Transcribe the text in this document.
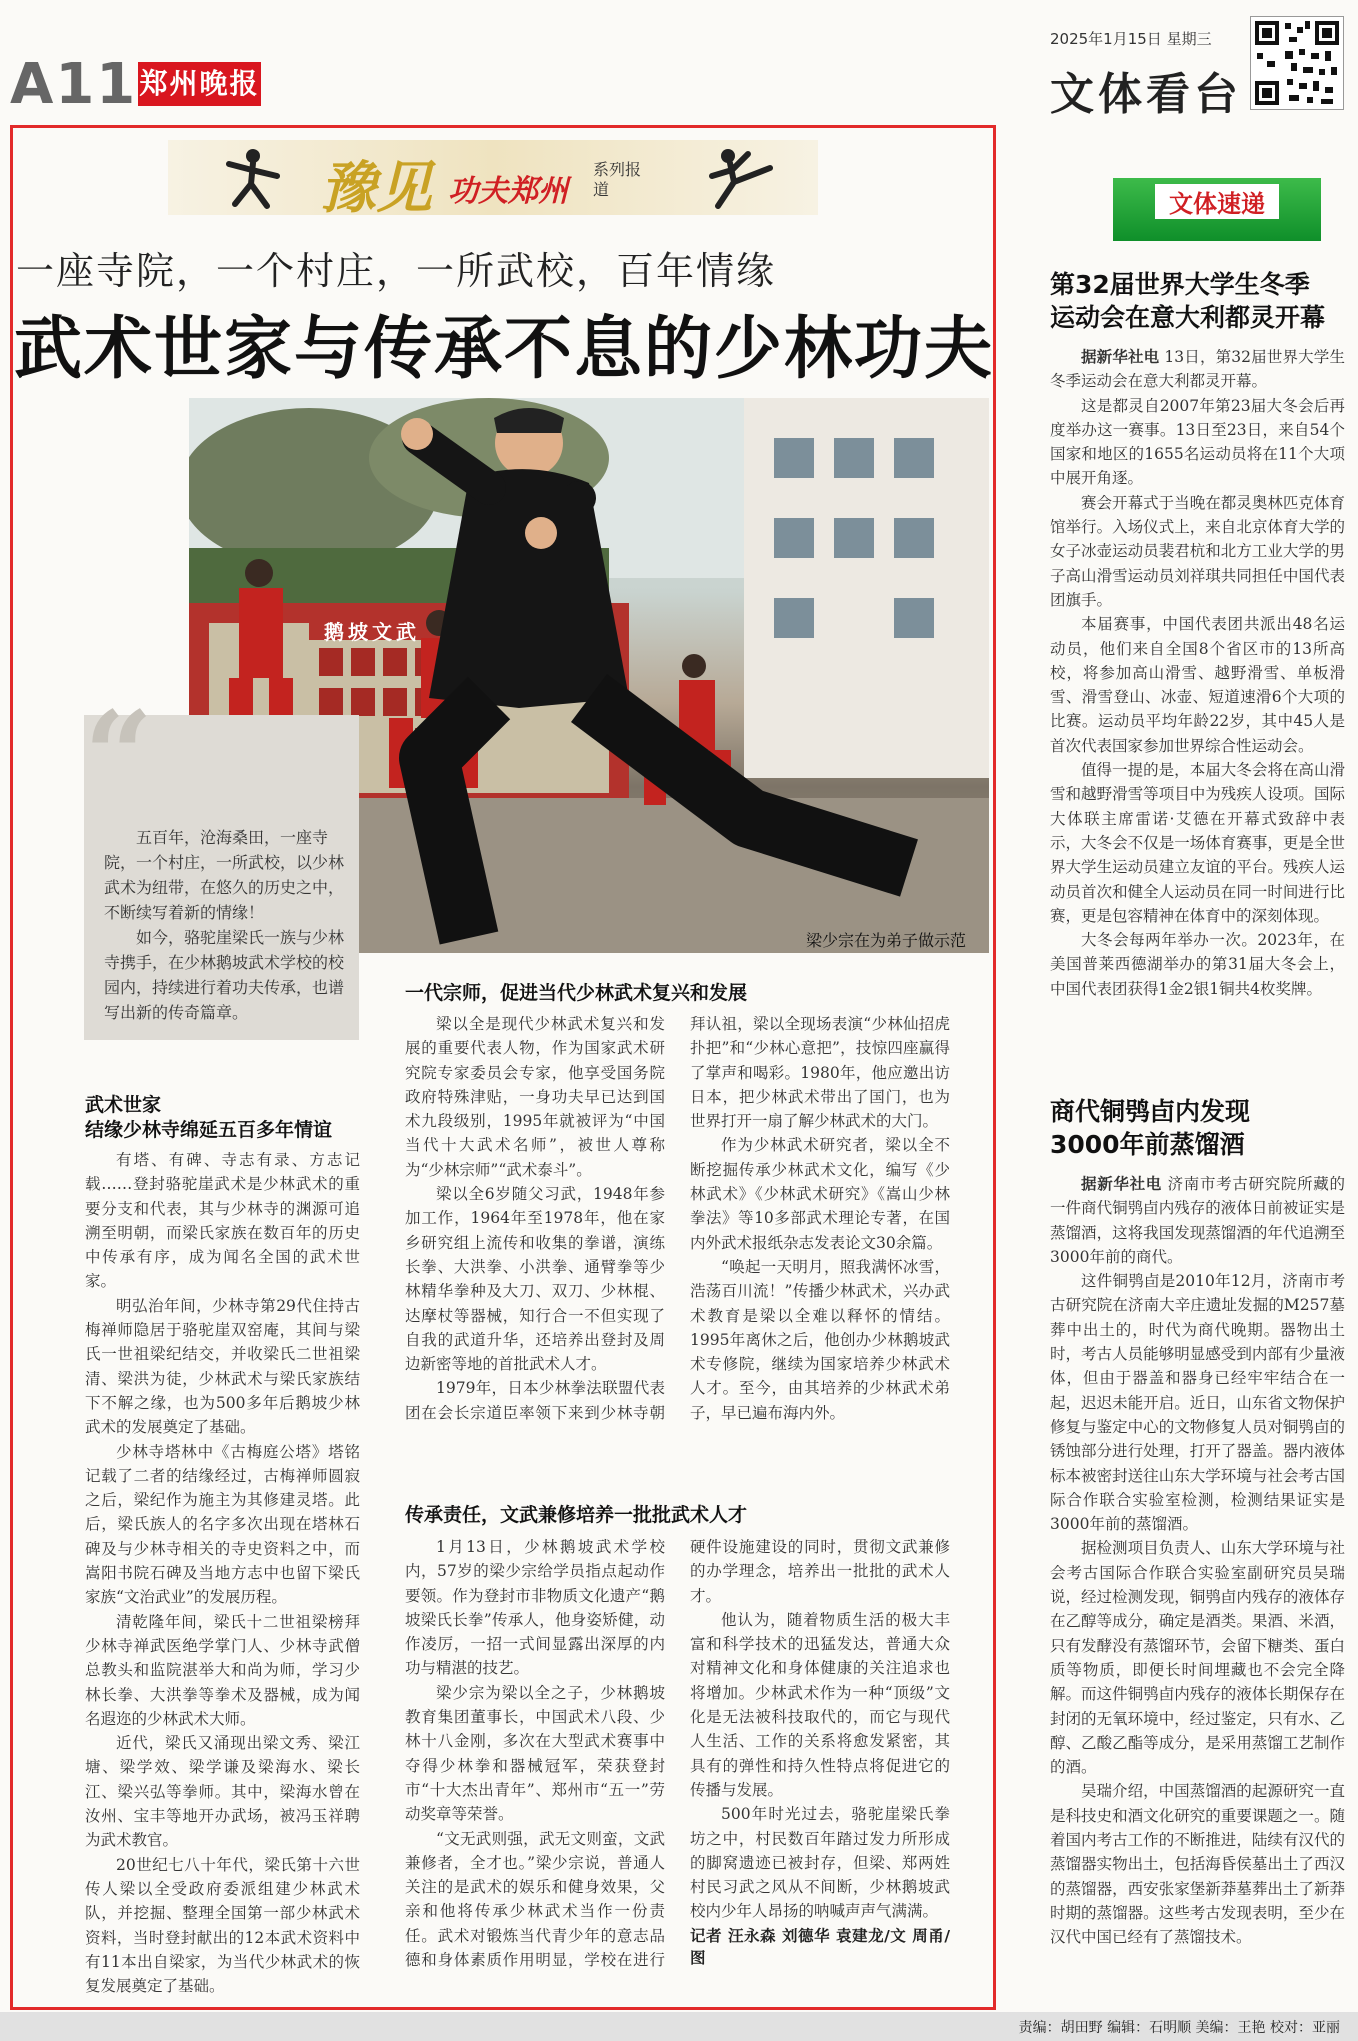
A11 郑州晚报
2025年1月15日 星期三
文体看台
豫见 功夫郑州
系列报道
一座寺院，一个村庄，一所武校，百年情缘
武术世家与传承不息的少林功夫
鹅坡文武
梁少宗在为弟子做示范
“

五百年，沧海桑田，一座寺院，一个村庄，一所武校，以少林武术为纽带，在悠久的历史之中，不断续写着新的情缘！

如今，骆驼崖梁氏一族与少林寺携手，在少林鹅坡武术学校的校园内，持续进行着功夫传承，也谱写出新的传奇篇章。

武术世家
结缘少林寺绵延五百多年情谊

有塔、有碑、寺志有录、方志记载……登封骆驼崖武术是少林武术的重要分支和代表，其与少林寺的渊源可追溯至明朝，而梁氏家族在数百年的历史中传承有序，成为闻名全国的武术世家。

明弘治年间，少林寺第29代住持古梅禅师隐居于骆驼崖双窑庵，其间与梁氏一世祖梁纪结交，并收梁氏二世祖梁清、梁洪为徒，少林武术与梁氏家族结下不解之缘，也为500多年后鹅坡少林武术的发展奠定了基础。

少林寺塔林中《古梅庭公塔》塔铭记载了二者的结缘经过，古梅禅师圆寂之后，梁纪作为施主为其修建灵塔。此后，梁氏族人的名字多次出现在塔林石碑及与少林寺相关的寺史资料之中，而嵩阳书院石碑及当地方志中也留下梁氏家族“文治武业”的发展历程。

清乾隆年间，梁氏十二世祖梁榜拜少林寺禅武医绝学掌门人、少林寺武僧总教头和监院湛举大和尚为师，学习少林长拳、大洪拳等拳术及器械，成为闻名遐迩的少林武术大师。

近代，梁氏又涌现出梁文秀、梁江塘、梁学效、梁学谦及梁海水、梁长江、梁兴弘等拳师。其中，梁海水曾在汝州、宝丰等地开办武场，被冯玉祥聘为武术教官。

20世纪七八十年代，梁氏第十六世传人梁以全受政府委派组建少林武术队，并挖掘、整理全国第一部少林武术资料，当时登封献出的12本武术资料中有11本出自梁家，为当代少林武术的恢复发展奠定了基础。

一代宗师，促进当代少林武术复兴和发展

梁以全是现代少林武术复兴和发展的重要代表人物，作为国家武术研究院专家委员会专家，他享受国务院政府特殊津贴，一身功夫早已达到国术九段级别，1995年就被评为“中国当代十大武术名师”，被世人尊称为“少林宗师”“武术泰斗”。

梁以全6岁随父习武，1948年参加工作，1964年至1978年，他在家乡研究组上流传和收集的拳谱，演练长拳、大洪拳、小洪拳、通臂拳等少林精华拳种及大刀、双刀、少林棍、达摩杖等器械，知行合一不但实现了自我的武道升华，还培养出登封及周边新密等地的首批武术人才。

1979年，日本少林拳法联盟代表团在会长宗道臣率领下来到少林寺朝拜认祖，梁以全现场表演“少林仙招虎扑把”和“少林心意把”，技惊四座赢得了掌声和喝彩。1980年，他应邀出访日本，把少林武术带出了国门，也为世界打开一扇了解少林武术的大门。

作为少林武术研究者，梁以全不断挖掘传承少林武术文化，编写《少林武术》《少林武术研究》《嵩山少林拳法》等10多部武术理论专著，在国内外武术报纸杂志发表论文30余篇。

“唤起一天明月，照我满怀冰雪，浩荡百川流！”传播少林武术，兴办武术教育是梁以全难以释怀的情结。1995年离休之后，他创办少林鹅坡武术专修院，继续为国家培养少林武术人才。至今，由其培养的少林武术弟子，早已遍布海内外。

传承责任，文武兼修培养一批批武术人才

1月13日，少林鹅坡武术学校内，57岁的梁少宗给学员指点起动作要领。作为登封市非物质文化遗产“鹅坡梁氏长拳”传承人，他身姿矫健，动作凌厉，一招一式间显露出深厚的内功与精湛的技艺。

梁少宗为梁以全之子，少林鹅坡教育集团董事长，中国武术八段、少林十八金刚，多次在大型武术赛事中夺得少林拳和器械冠军，荣获登封市“十大杰出青年”、郑州市“五一”劳动奖章等荣誉。

“文无武则强，武无文则蛮，文武兼修者，全才也。”梁少宗说，普通人关注的是武术的娱乐和健身效果，父亲和他将传承少林武术当作一份责任。武术对锻炼当代青少年的意志品德和身体素质作用明显，学校在进行硬件设施建设的同时，贯彻文武兼修的办学理念，培养出一批批的武术人才。

他认为，随着物质生活的极大丰富和科学技术的迅猛发达，普通大众对精神文化和身体健康的关注追求也将增加。少林武术作为一种“顶级”文化是无法被科技取代的，而它与现代人生活、工作的关系将愈发紧密，其具有的弹性和持久性特点将促进它的传播与发展。

500年时光过去，骆驼崖梁氏拳坊之中，村民数百年踏过发力所形成的脚窝遗迹已被封存，但梁、郑两姓村民习武之风从不间断，少林鹅坡武校内少年人昂扬的呐喊声声气满满。

记者 汪永森 刘德华 袁建龙/文 周甬/图

文体速递
第32届世界大学生冬季
运动会在意大利都灵开幕

据新华社电 13日，第32届世界大学生冬季运动会在意大利都灵开幕。

这是都灵自2007年第23届大冬会后再度举办这一赛事。13日至23日，来自54个国家和地区的1655名运动员将在11个大项中展开角逐。

赛会开幕式于当晚在都灵奥林匹克体育馆举行。入场仪式上，来自北京体育大学的女子冰壶运动员裴君杭和北方工业大学的男子高山滑雪运动员刘祥琪共同担任中国代表团旗手。

本届赛事，中国代表团共派出48名运动员，他们来自全国8个省区市的13所高校，将参加高山滑雪、越野滑雪、单板滑雪、滑雪登山、冰壶、短道速滑6个大项的比赛。运动员平均年龄22岁，其中45人是首次代表国家参加世界综合性运动会。

值得一提的是，本届大冬会将在高山滑雪和越野滑雪等项目中为残疾人设项。国际大体联主席雷诺·艾德在开幕式致辞中表示，大冬会不仅是一场体育赛事，更是全世界大学生运动员建立友谊的平台。残疾人运动员首次和健全人运动员在同一时间进行比赛，更是包容精神在体育中的深刻体现。

大冬会每两年举办一次。2023年，在美国普莱西德湖举办的第31届大冬会上，中国代表团获得1金2银1铜共4枚奖牌。

商代铜鸮卣内发现
3000年前蒸馏酒

据新华社电 济南市考古研究院所藏的一件商代铜鸮卣内残存的液体日前被证实是蒸馏酒，这将我国发现蒸馏酒的年代追溯至3000年前的商代。

这件铜鸮卣是2010年12月，济南市考古研究院在济南大辛庄遗址发掘的M257墓葬中出土的，时代为商代晚期。器物出土时，考古人员能够明显感受到内部有少量液体，但由于器盖和器身已经牢牢结合在一起，迟迟未能开启。近日，山东省文物保护修复与鉴定中心的文物修复人员对铜鸮卣的锈蚀部分进行处理，打开了器盖。器内液体标本被密封送往山东大学环境与社会考古国际合作联合实验室检测，检测结果证实是3000年前的蒸馏酒。

据检测项目负责人、山东大学环境与社会考古国际合作联合实验室副研究员吴瑞说，经过检测发现，铜鸮卣内残存的液体存在乙醇等成分，确定是酒类。果酒、米酒，只有发酵没有蒸馏环节，会留下糖类、蛋白质等物质，即便长时间埋藏也不会完全降解。而这件铜鸮卣内残存的液体长期保存在封闭的无氧环境中，经过鉴定，只有水、乙醇、乙酸乙酯等成分，是采用蒸馏工艺制作的酒。

吴瑞介绍，中国蒸馏酒的起源研究一直是科技史和酒文化研究的重要课题之一。随着国内考古工作的不断推进，陆续有汉代的蒸馏器实物出土，包括海昏侯墓出土了西汉的蒸馏器，西安张家堡新莽墓葬出土了新莽时期的蒸馏器。这些考古发现表明，至少在汉代中国已经有了蒸馏技术。

责编：胡田野 编辑：石明顺 美编：王艳 校对：亚丽
